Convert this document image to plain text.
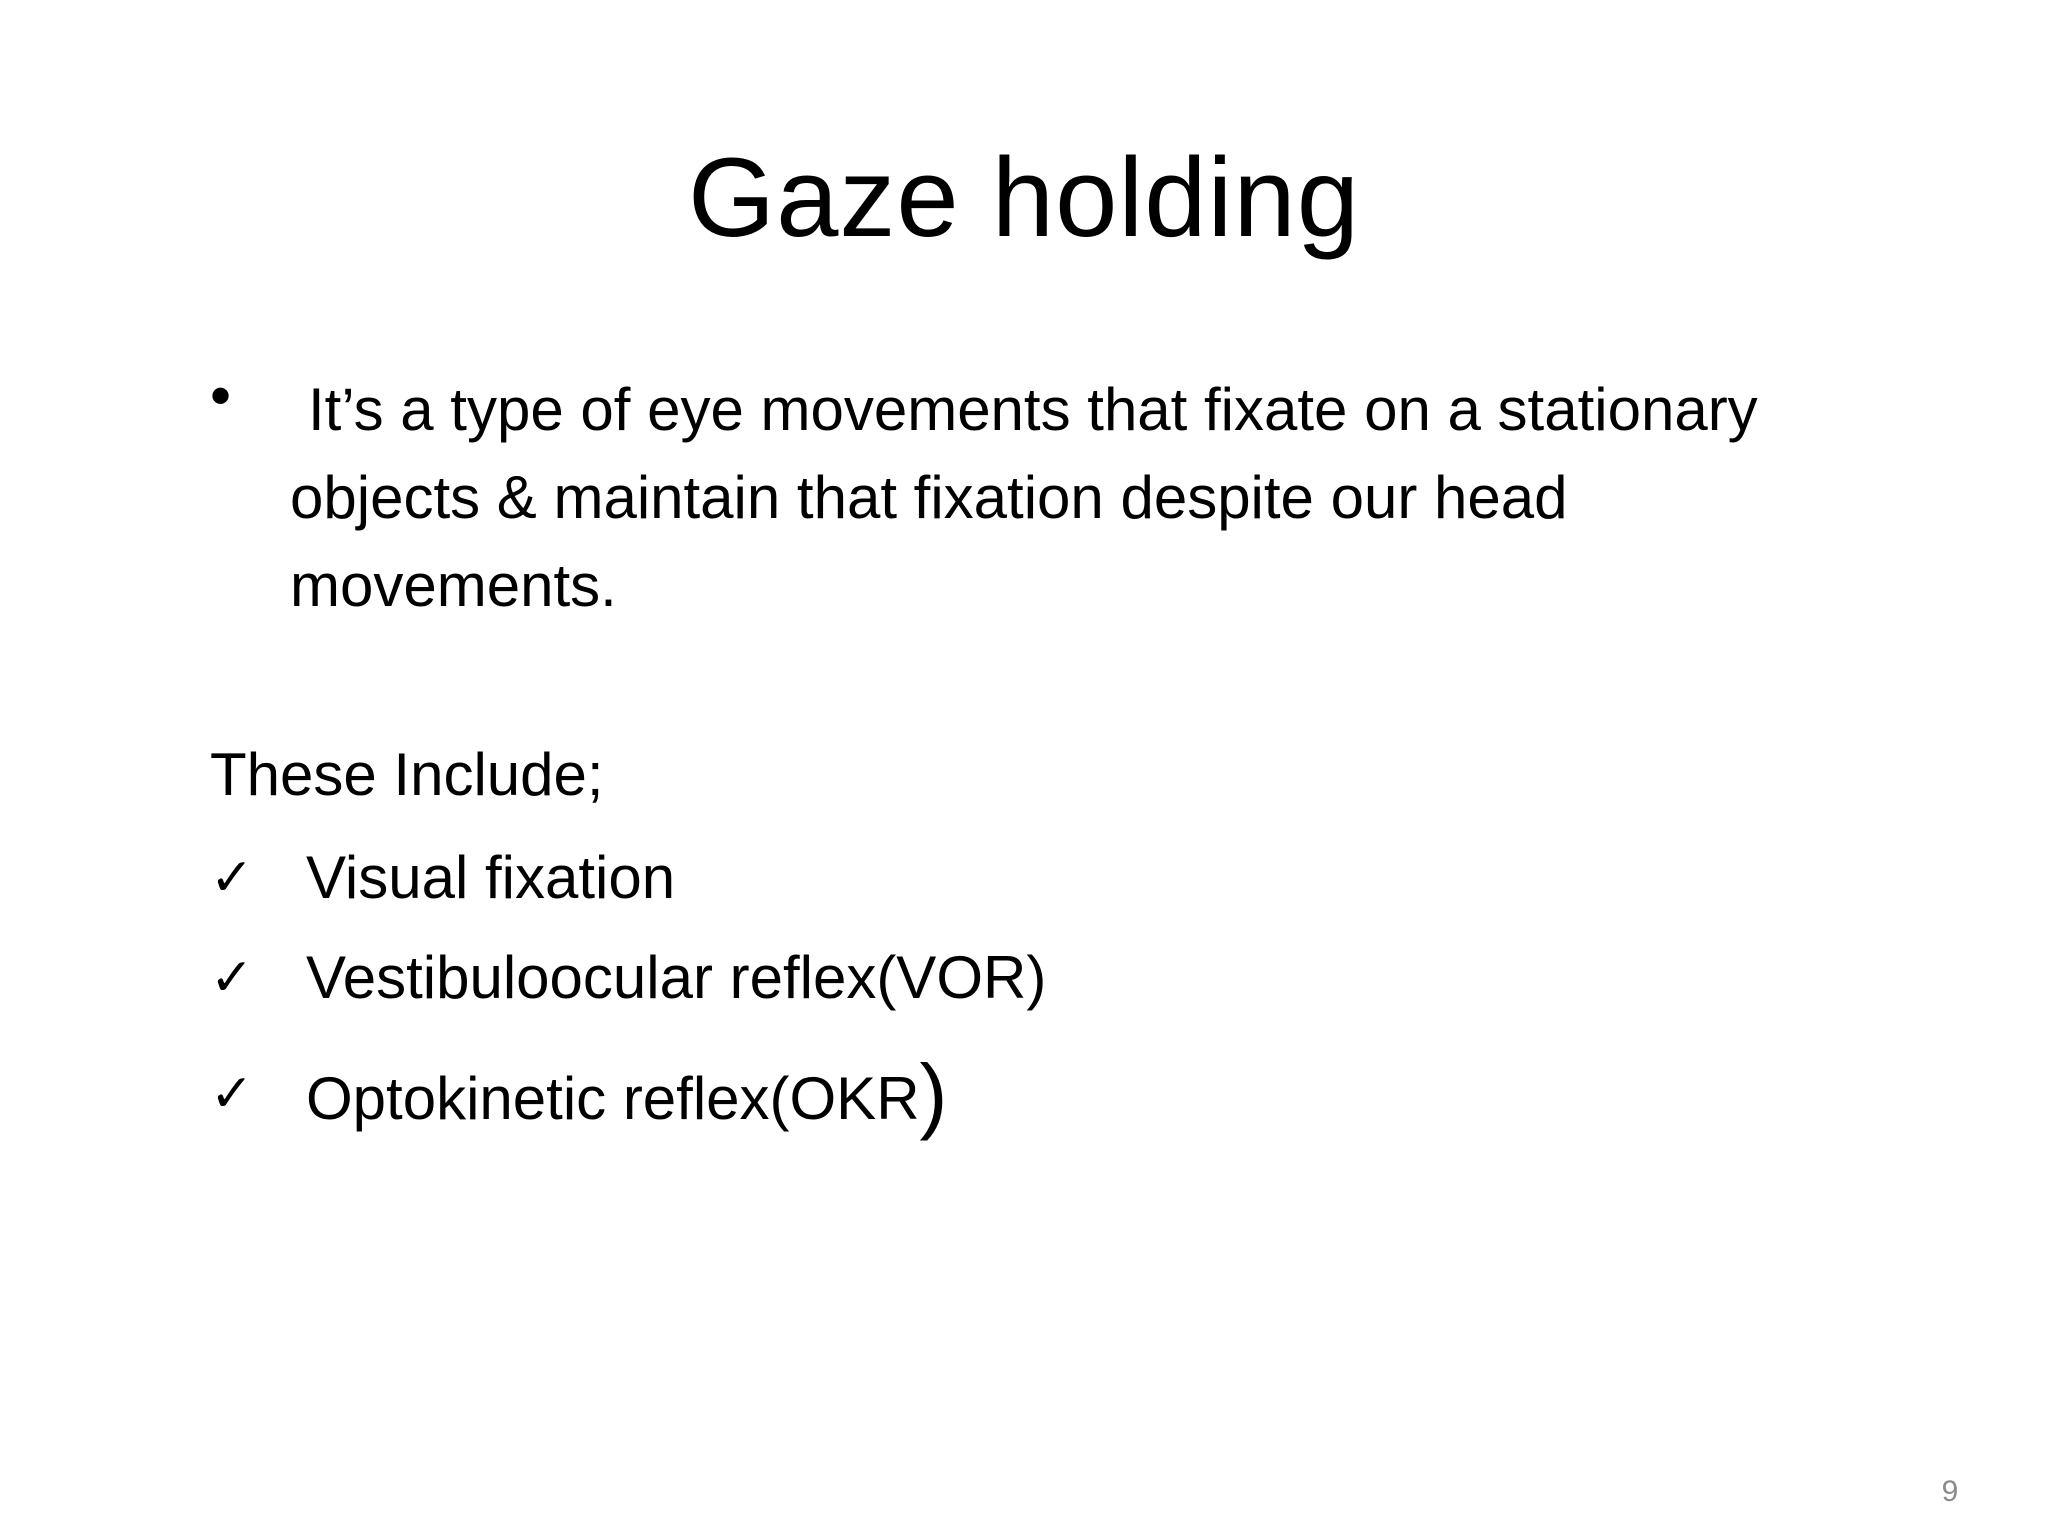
Gaze holding
•	It’s a type of eye movements that fixate on a stationary objects & maintain that fixation despite our head movements.
These Include;
✓ Visual fixation
✓ Vestibuloocular reflex(VOR)
✓ Optokinetic reflex(OKR)
9
